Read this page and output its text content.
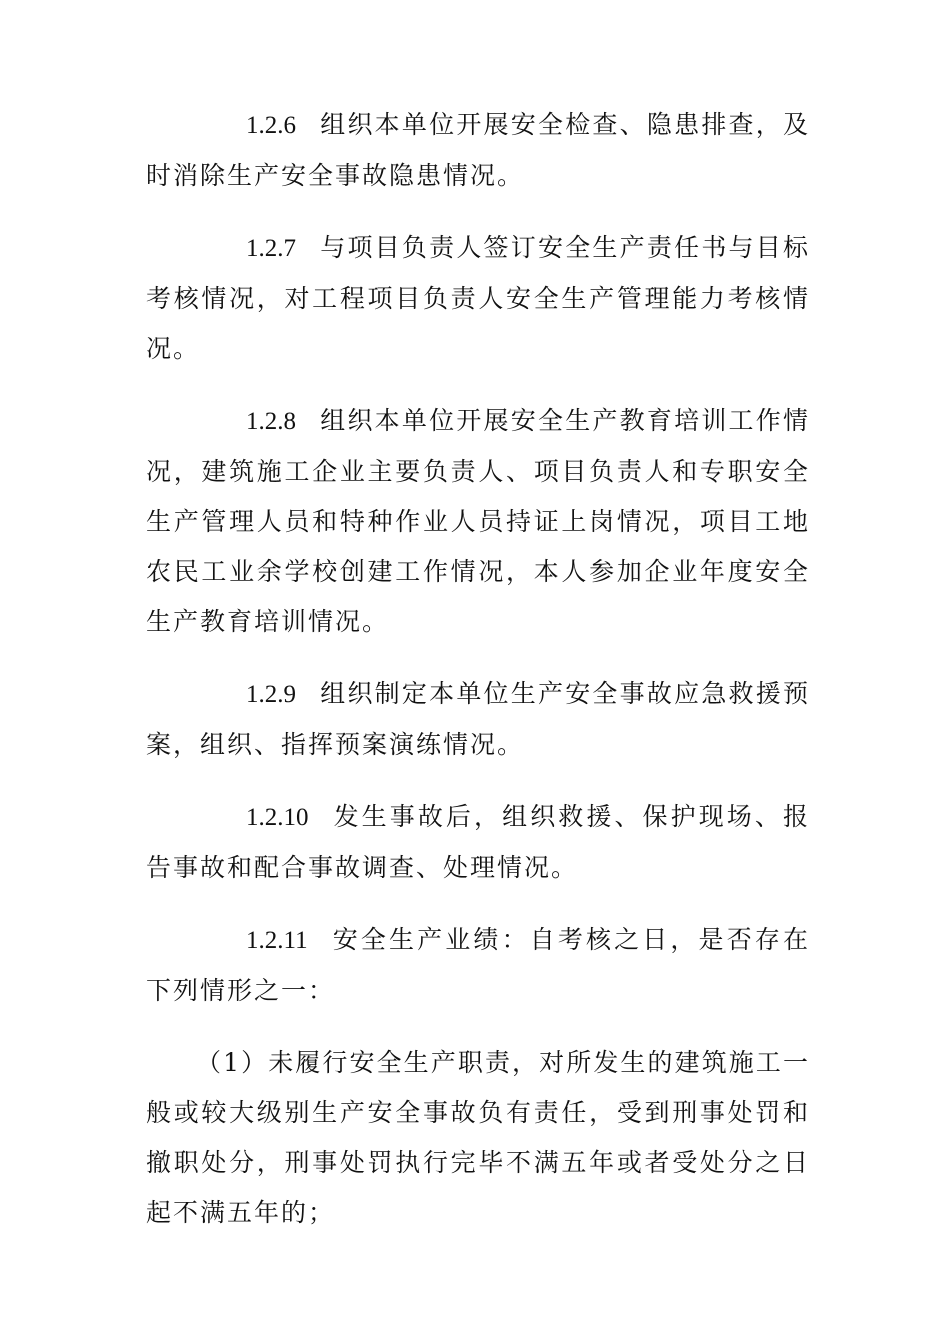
1.2.6 组织本单位开展安全检查、隐患排查，及时消除生产安全事故隐患情况。

1.2.7 与项目负责人签订安全生产责任书与目标考核情况，对工程项目负责人安全生产管理能力考核情况。

1.2.8 组织本单位开展安全生产教育培训工作情况，建筑施工企业主要负责人、项目负责人和专职安全生产管理人员和特种作业人员持证上岗情况，项目工地农民工业余学校创建工作情况，本人参加企业年度安全生产教育培训情况。

1.2.9 组织制定本单位生产安全事故应急救援预案，组织、指挥预案演练情况。

1.2.10 发生事故后，组织救援、保护现场、报告事故和配合事故调查、处理情况。

1.2.11 安全生产业绩：自考核之日，是否存在下列情形之一：

（1）未履行安全生产职责，对所发生的建筑施工一般或较大级别生产安全事故负有责任，受到刑事处罚和撤职处分，刑事处罚执行完毕不满五年或者受处分之日起不满五年的；
